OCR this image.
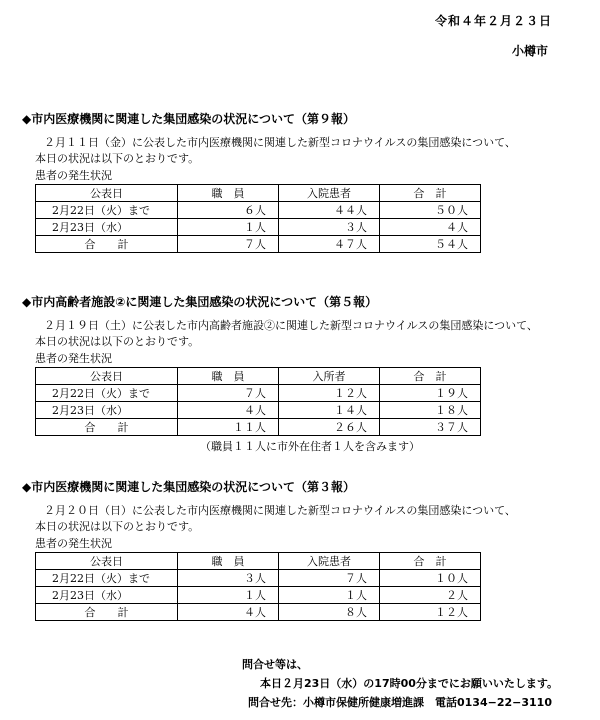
令和４年２月２３日
小樽市

◆市内医療機関に関連した集団感染の状況について（第９報）

２月１１日（金）に公表した市内医療機関に関連した新型コロナウイルスの集団感染について、
本日の状況は以下のとおりです。

患者の発生状況
公表日	職　員	入院患者	合　計
2月22日（火）まで	６人	４４人	５０人
2月23日（水）	１人	３人	４人
合　　計	７人	４７人	５４人

◆市内高齢者施設②に関連した集団感染の状況について（第５報）

２月１９日（土）に公表した市内高齢者施設②に関連した新型コロナウイルスの集団感染について、
本日の状況は以下のとおりです。

患者の発生状況
公表日	職　員	入所者	合　計
2月22日（火）まで	７人	１２人	１９人
2月23日（水）	４人	１４人	１８人
合　　計	１１人	２６人	３７人
（職員１１人に市外在住者１人を含みます）

◆市内医療機関に関連した集団感染の状況について（第３報）

２月２０日（日）に公表した市内医療機関に関連した新型コロナウイルスの集団感染について、
本日の状況は以下のとおりです。

患者の発生状況
公表日	職　員	入院患者	合　計
2月22日（火）まで	３人	７人	１０人
2月23日（水）	１人	１人	２人
合　　計	４人	８人	１２人
問合せ等は、
本日２月23日（水）の17時00分までにお願いいたします。
問合せ先：小樽市保健所健康増進課　電話0134−22−3110
